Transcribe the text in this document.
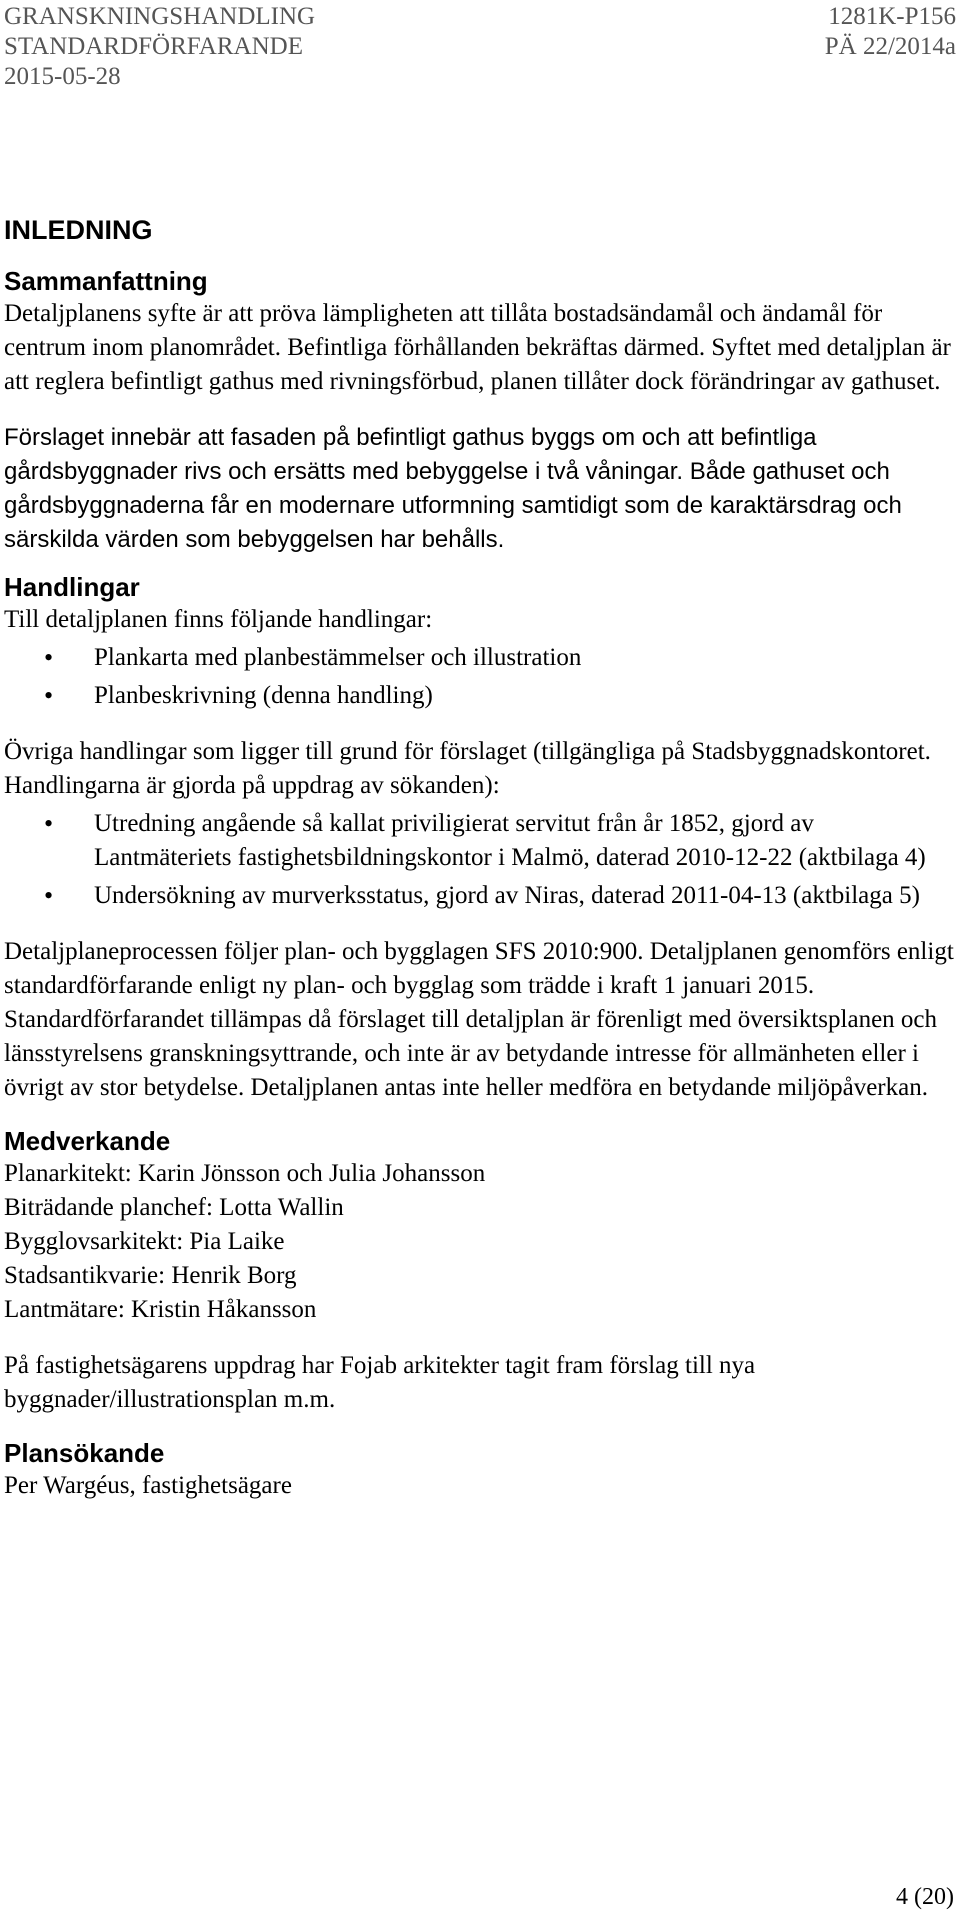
GRANSKNINGSHANDLING	1281K-P156
STANDARDFÖRFARANDE	PÄ 22/2014a
2015-05-28
INLEDNING
Sammanfattning

Detaljplanens syfte är att pröva lämpligheten att tillåta bostadsändamål och ändamål för centrum inom planområdet. Befintliga förhållanden bekräftas därmed. Syftet med detaljplan är att reglera befintligt gathus med rivningsförbud, planen tillåter dock förändringar av gathuset.

Förslaget innebär att fasaden på befintligt gathus byggs om och att befintliga gårdsbyggnader rivs och ersätts med bebyggelse i två våningar. Både gathuset och gårdsbyggnaderna får en modernare utformning samtidigt som de karaktärsdrag och särskilda värden som bebyggelsen har behålls.

Handlingar

Till detaljplanen finns följande handlingar:

• Plankarta med planbestämmelser och illustration
• Planbeskrivning (denna handling)

Övriga handlingar som ligger till grund för förslaget (tillgängliga på Stadsbyggnadskontoret. Handlingarna är gjorda på uppdrag av sökanden):

• Utredning angående så kallat priviligierat servitut från år 1852, gjord av Lantmäteriets fastighetsbildningskontor i Malmö, daterad 2010-12-22 (aktbilaga 4)
• Undersökning av murverksstatus, gjord av Niras, daterad 2011-04-13 (aktbilaga 5)

Detaljplaneprocessen följer plan- och bygglagen SFS 2010:900. Detaljplanen genomförs enligt standardförfarande enligt ny plan- och bygglag som trädde i kraft 1 januari 2015. Standardförfarandet tillämpas då förslaget till detaljplan är förenligt med översiktsplanen och länsstyrelsens granskningsyttrande, och inte är av betydande intresse för allmänheten eller i övrigt av stor betydelse. Detaljplanen antas inte heller medföra en betydande miljöpåverkan.

Medverkande

Planarkitekt: Karin Jönsson och Julia Johansson

Biträdande planchef: Lotta Wallin

Bygglovsarkitekt: Pia Laike

Stadsantikvarie: Henrik Borg

Lantmätare: Kristin Håkansson

På fastighetsägarens uppdrag har Fojab arkitekter tagit fram förslag till nya byggnader/illustrationsplan m.m.

Plansökande

Per Wargéus, fastighetsägare

4 (20)
